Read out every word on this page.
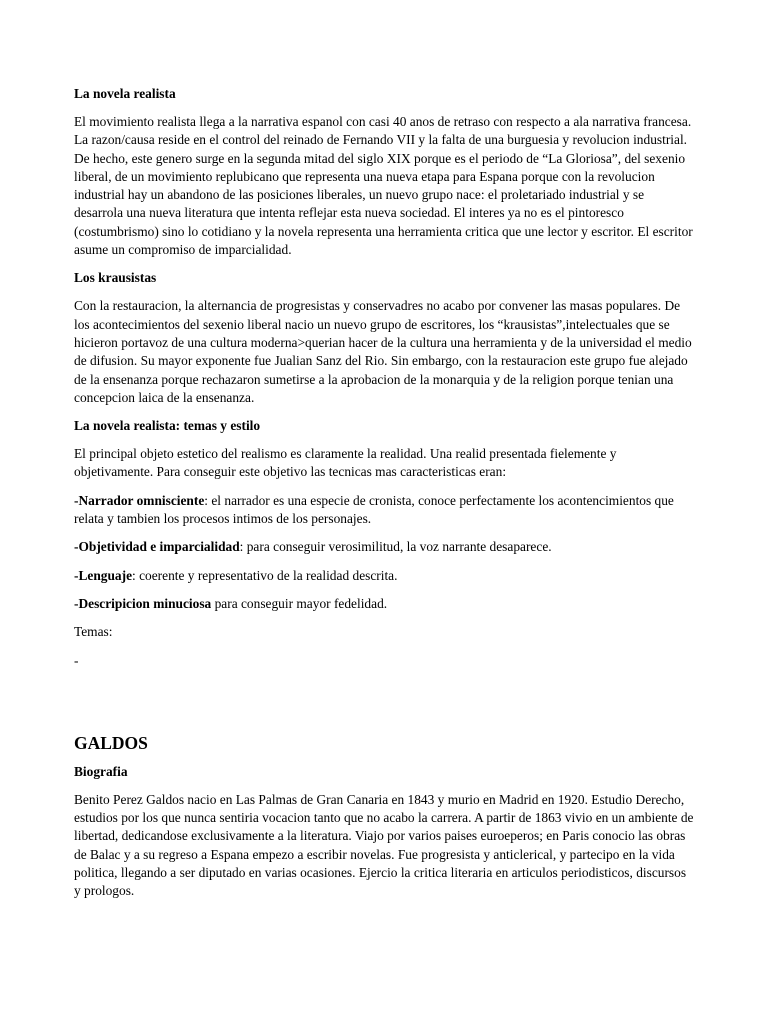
La novela realista

El movimiento realista llega a la narrativa espanol con casi 40 anos de retraso con respecto a ala narrativa francesa. La razon/causa reside en el control del reinado de Fernando VII y la falta de una burguesia y revolucion industrial. De hecho, este genero surge en la segunda mitad del siglo XIX porque es el periodo de “La Gloriosa”, del sexenio liberal, de un movimiento replubicano que representa una nueva etapa para Espana porque con la revolucion industrial hay un abandono de las posiciones liberales, un nuevo grupo nace: el proletariado industrial y se desarrola una nueva literatura que intenta reflejar esta nueva sociedad. El interes ya no es el pintoresco (costumbrismo) sino lo cotidiano y la novela representa una herramienta critica que une lector y escritor. El escritor asume un compromiso de imparcialidad.

Los krausistas

Con la restauracion, la alternancia de progresistas y conservadres no acabo por convener las masas populares. De los acontecimientos del sexenio liberal nacio un nuevo grupo de escritores, los “krausistas”,intelectuales que se hicieron portavoz de una cultura moderna>querian hacer de la cultura una herramienta y de la universidad el medio de difusion. Su mayor exponente fue Jualian Sanz del Rio. Sin embargo, con la restauracion este grupo fue alejado de la ensenanza porque rechazaron sumetirse a la aprobacion de la monarquia y de la religion porque tenian una concepcion laica de la ensenanza.

La novela realista: temas y estilo

El principal objeto estetico del realismo es claramente la realidad. Una realid presentada fielemente y objetivamente. Para conseguir este objetivo las tecnicas mas caracteristicas eran:

-Narrador omnisciente: el narrador es una especie de cronista, conoce perfectamente los acontencimientos que relata y tambien los procesos intimos de los personajes.

-Objetividad e imparcialidad: para conseguir verosimilitud, la voz narrante desaparece.

-Lenguaje: coerente y representativo de la realidad descrita.

-Descripicion minuciosa para conseguir mayor fedelidad.

Temas:

-

GALDOS
Biografia

Benito Perez Galdos nacio en Las Palmas de Gran Canaria en 1843 y murio en Madrid en 1920. Estudio Derecho, estudios por los que nunca sentiria vocacion tanto que no acabo la carrera. A partir de 1863 vivio en un ambiente de libertad, dedicandose exclusivamente a la literatura. Viajo por varios paises euroeperos; en Paris conocio las obras de Balac y a su regreso a Espana empezo a escribir novelas. Fue progresista y anticlerical, y partecipo en la vida politica, llegando a ser diputado en varias ocasiones. Ejercio la critica literaria en articulos periodisticos, discursos y prologos.
